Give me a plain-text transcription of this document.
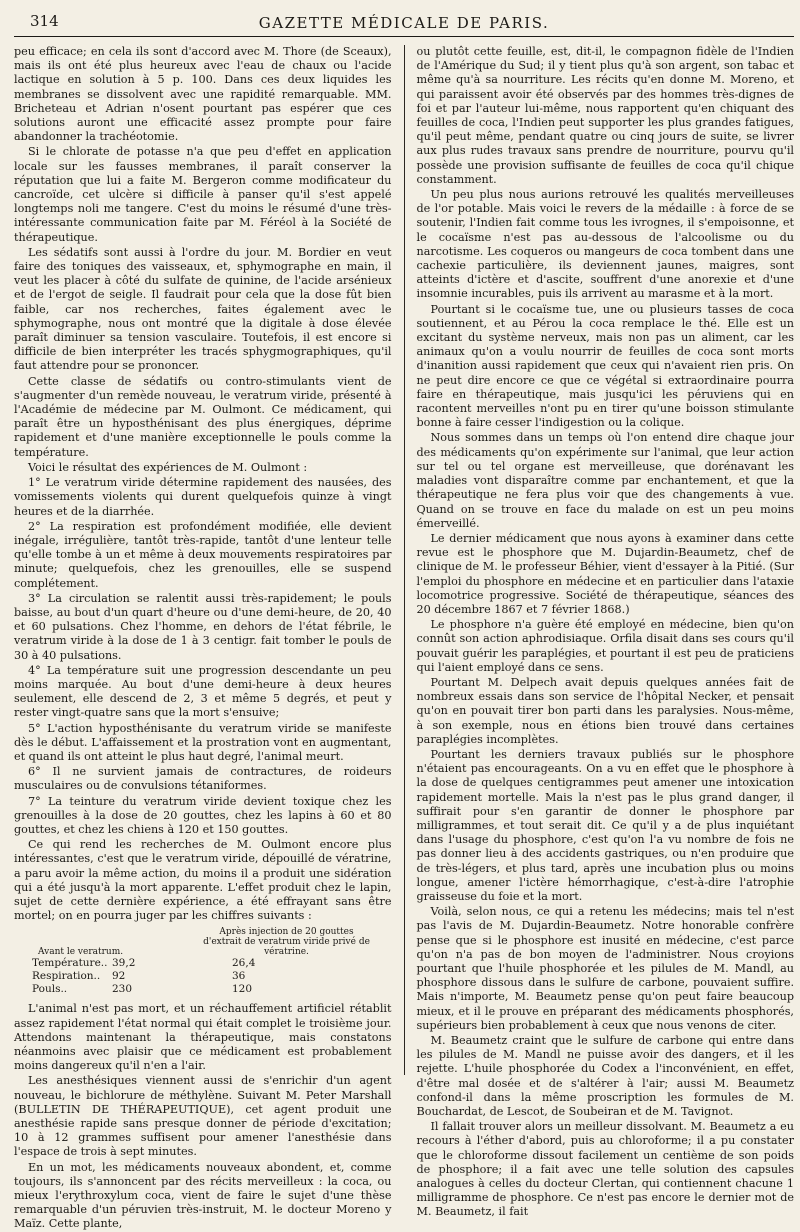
314	GAZETTE MÉDICALE DE PARIS.

peu efficace; en cela ils sont d'accord avec M. Thore (de Sceaux), mais ils ont été plus heureux avec l'eau de chaux ou l'acide lactique en solution à 5 p. 100. Dans ces deux liquides les membranes se dissolvent avec une rapidité remarquable. MM. Bricheteau et Adrian n'osent pourtant pas espérer que ces solutions auront une efficacité assez prompte pour faire abandonner la trachéotomie.

Si le chlorate de potasse n'a que peu d'effet en application locale sur les fausses membranes, il paraît conserver la réputation que lui a faite M. Bergeron comme modificateur du cancroïde, cet ulcère si difficile à panser qu'il s'est appelé longtemps noli me tangere. C'est du moins le résumé d'une très-intéressante communication faite par M. Féréol à la Société de thérapeutique.

Les sédatifs sont aussi à l'ordre du jour. M. Bordier en veut faire des toniques des vaisseaux, et, sphymographe en main, il veut les placer à côté du sulfate de quinine, de l'acide arsénieux et de l'ergot de seigle. Il faudrait pour cela que la dose fût bien faible, car nos recherches, faites également avec le sphymographe, nous ont montré que la digitale à dose élevée paraît diminuer sa tension vasculaire. Toutefois, il est encore si difficile de bien interpréter les tracés sphygmographiques, qu'il faut attendre pour se prononcer.

Cette classe de sédatifs ou contro-stimulants vient de s'augmenter d'un remède nouveau, le veratrum viride, présenté à l'Académie de médecine par M. Oulmont. Ce médicament, qui paraît être un hyposthénisant des plus énergiques, déprime rapidement et d'une manière exceptionnelle le pouls comme la température.

Voici le résultat des expériences de M. Oulmont :

1° Le veratrum viride détermine rapidement des nausées, des vomissements violents qui durent quelquefois quinze à vingt heures et de la diarrhée.

2° La respiration est profondément modifiée, elle devient inégale, irrégulière, tantôt très-rapide, tantôt d'une lenteur telle qu'elle tombe à un et même à deux mouvements respiratoires par minute; quelquefois, chez les grenouilles, elle se suspend complétement.

3° La circulation se ralentit aussi très-rapidement; le pouls baisse, au bout d'un quart d'heure ou d'une demi-heure, de 20, 40 et 60 pulsations. Chez l'homme, en dehors de l'état fébrile, le veratrum viride à la dose de 1 à 3 centigr. fait tomber le pouls de 30 à 40 pulsations.

4° La température suit une progression descendante un peu moins marquée. Au bout d'une demi-heure à deux heures seulement, elle descend de 2, 3 et même 5 degrés, et peut y rester vingt-quatre sans que la mort s'ensuive;

5° L'action hyposthénisante du veratrum viride se manifeste dès le début. L'affaissement et la prostration vont en augmentant, et quand ils ont atteint le plus haut degré, l'animal meurt.

6° Il ne survient jamais de contractures, de roideurs musculaires ou de convulsions tétaniformes.

7° La teinture du veratrum viride devient toxique chez les grenouilles à la dose de 20 gouttes, chez les lapins à 60 et 80 gouttes, et chez les chiens à 120 et 150 gouttes.

Ce qui rend les recherches de M. Oulmont encore plus intéressantes, c'est que le veratrum viride, dépouillé de vératrine, a paru avoir la même action, du moins il a produit une sidération qui a été jusqu'à la mort apparente. L'effet produit chez le lapin, sujet de cette dernière expérience, a été effrayant sans être mortel; on en pourra juger par les chiffres suivants :

Avant le veratrum.
Après injection de 20 gouttes d'extrait de veratrum viride privé de vératrine.
Température.. 39,2	26,4
Respiration..	92	36
Pouls..	230	120

L'animal n'est pas mort, et un réchauffement artificiel rétablit assez rapidement l'état normal qui était complet le troisième jour. Attendons maintenant la thérapeutique, mais constatons néanmoins avec plaisir que ce médicament est probablement moins dangereux qu'il n'en a l'air.

Les anesthésiques viennent aussi de s'enrichir d'un agent nouveau, le bichlorure de méthylène. Suivant M. Peter Marshall (BULLETIN DE THÉRAPEUTIQUE), cet agent produit une anesthésie rapide sans presque donner de période d'excitation; 10 à 12 grammes suffisent pour amener l'anesthésie dans l'espace de trois à sept minutes.

En un mot, les médicaments nouveaux abondent, et, comme toujours, ils s'annoncent par des récits merveilleux : la coca, ou mieux l'erythroxylum coca, vient de faire le sujet d'une thèse remarquable d'un péruvien très-instruit, M. le docteur Moreno y Maïz. Cette plante,

ou plutôt cette feuille, est, dit-il, le compagnon fidèle de l'Indien de l'Amérique du Sud; il y tient plus qu'à son argent, son tabac et même qu'à sa nourriture. Les récits qu'en donne M. Moreno, et qui paraissent avoir été observés par des hommes très-dignes de foi et par l'auteur lui-même, nous rapportent qu'en chiquant des feuilles de coca, l'Indien peut supporter les plus grandes fatigues, qu'il peut même, pendant quatre ou cinq jours de suite, se livrer aux plus rudes travaux sans prendre de nourriture, pourvu qu'il possède une provision suffisante de feuilles de coca qu'il chique constamment.

Un peu plus nous aurions retrouvé les qualités merveilleuses de l'or potable. Mais voici le revers de la médaille : à force de se soutenir, l'Indien fait comme tous les ivrognes, il s'empoisonne, et le cocaïsme n'est pas au-dessous de l'alcoolisme ou du narcotisme. Les coqueros ou mangeurs de coca tombent dans une cachexie particulière, ils deviennent jaunes, maigres, sont atteints d'ictère et d'ascite, souffrent d'une anorexie et d'une insomnie incurables, puis ils arrivent au marasme et à la mort.

Pourtant si le cocaïsme tue, une ou plusieurs tasses de coca soutiennent, et au Pérou la coca remplace le thé. Elle est un excitant du système nerveux, mais non pas un aliment, car les animaux qu'on a voulu nourrir de feuilles de coca sont morts d'inanition aussi rapidement que ceux qui n'avaient rien pris. On ne peut dire encore ce que ce végétal si extraordinaire pourra faire en thérapeutique, mais jusqu'ici les péruviens qui en racontent merveilles n'ont pu en tirer qu'une boisson stimulante bonne à faire cesser l'indigestion ou la colique.

Nous sommes dans un temps où l'on entend dire chaque jour des médicaments qu'on expérimente sur l'animal, que leur action sur tel ou tel organe est merveilleuse, que dorénavant les maladies vont disparaître comme par enchantement, et que la thérapeutique ne fera plus voir que des changements à vue. Quand on se trouve en face du malade on est un peu moins émerveillé.

Le dernier médicament que nous ayons à examiner dans cette revue est le phosphore que M. Dujardin-Beaumetz, chef de clinique de M. le professeur Béhier, vient d'essayer à la Pitié. (Sur l'emploi du phosphore en médecine et en particulier dans l'ataxie locomotrice progressive. Société de thérapeutique, séances des 20 décembre 1867 et 7 février 1868.)

Le phosphore n'a guère été employé en médecine, bien qu'on connût son action aphrodisiaque. Orfila disait dans ses cours qu'il pouvait guérir les paraplégies, et pourtant il est peu de praticiens qui l'aient employé dans ce sens.

Pourtant M. Delpech avait depuis quelques années fait de nombreux essais dans son service de l'hôpital Necker, et pensait qu'on en pouvait tirer bon parti dans les paralysies. Nous-même, à son exemple, nous en étions bien trouvé dans certaines paraplégies incomplètes.

Pourtant les derniers travaux publiés sur le phosphore n'étaient pas encourageants. On a vu en effet que le phosphore à la dose de quelques centigrammes peut amener une intoxication rapidement mortelle. Mais la n'est pas le plus grand danger, il suffirait pour s'en garantir de donner le phosphore par milligrammes, et tout serait dit. Ce qu'il y a de plus inquiétant dans l'usage du phosphore, c'est qu'on l'a vu nombre de fois ne pas donner lieu à des accidents gastriques, ou n'en produire que de très-légers, et plus tard, après une incubation plus ou moins longue, amener l'ictère hémorrhagique, c'est-à-dire l'atrophie graisseuse du foie et la mort.

Voilà, selon nous, ce qui a retenu les médecins; mais tel n'est pas l'avis de M. Dujardin-Beaumetz. Notre honorable confrère pense que si le phosphore est inusité en médecine, c'est parce qu'on n'a pas de bon moyen de l'administrer. Nous croyions pourtant que l'huile phosphorée et les pilules de M. Mandl, au phosphore dissous dans le sulfure de carbone, pouvaient suffire. Mais n'importe, M. Beaumetz pense qu'on peut faire beaucoup mieux, et il le prouve en préparant des médicaments phosphorés, supérieurs bien probablement à ceux que nous venons de citer.

M. Beaumetz craint que le sulfure de carbone qui entre dans les pilules de M. Mandl ne puisse avoir des dangers, et il les rejette. L'huile phosphorée du Codex a l'inconvénient, en effet, d'être mal dosée et de s'altérer à l'air; aussi M. Beaumetz confond-il dans la même proscription les formules de M. Bouchardat, de Lescot, de Soubeiran et de M. Tavignot.

Il fallait trouver alors un meilleur dissolvant. M. Beaumetz a eu recours à l'éther d'abord, puis au chloroforme; il a pu constater que le chloroforme dissout facilement un centième de son poids de phosphore; il a fait avec une telle solution des capsules analogues à celles du docteur Clertan, qui contiennent chacune 1 milligramme de phosphore. Ce n'est pas encore le dernier mot de M. Beaumetz, il fait
